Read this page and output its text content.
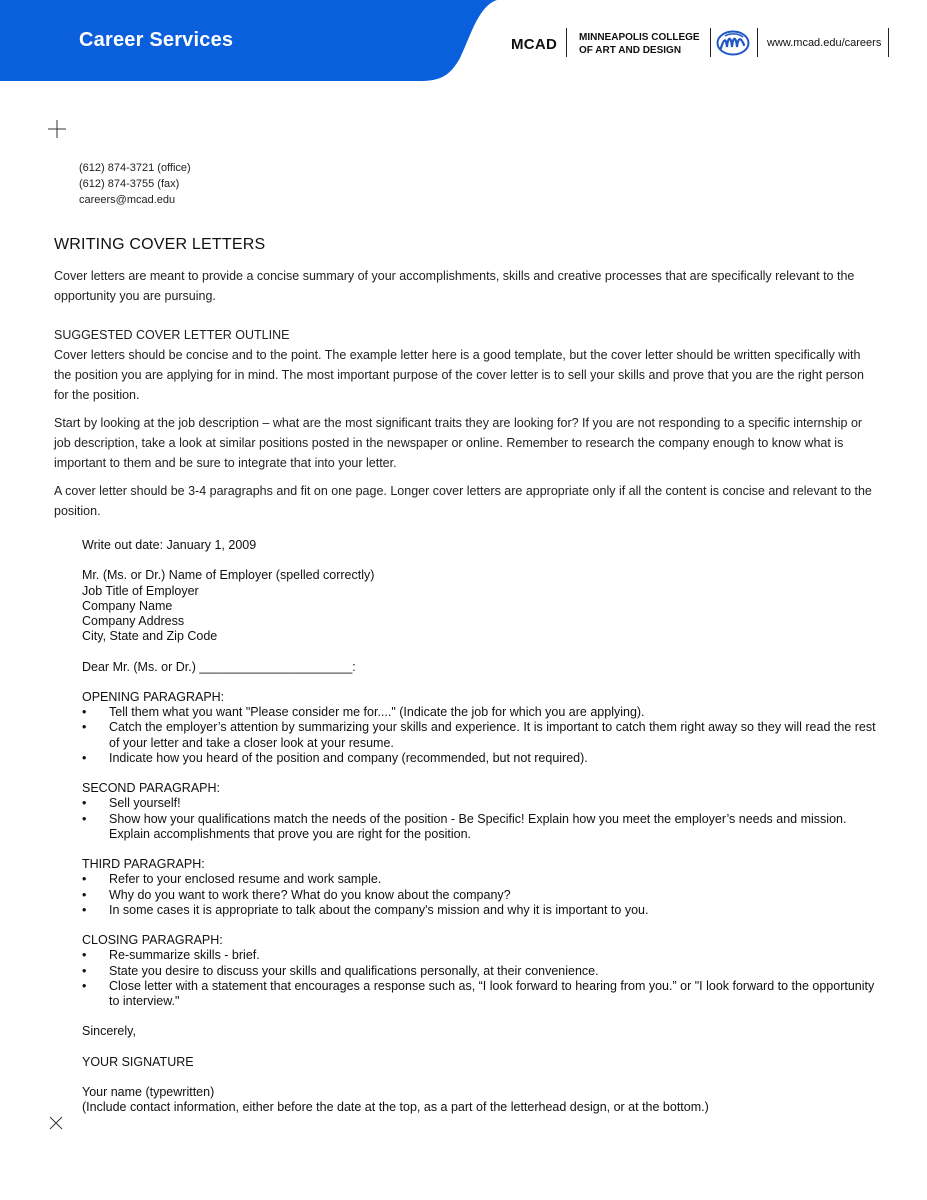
Career Services	MCAD MINNEAPOLIS COLLEGE
OF ART AND DESIGN
www.mcad.edu/careers
(612) 874-3721 (office)
(612) 874-3755 (fax)
careers@mcad.edu
WRITING COVER LETTERS

Cover letters are meant to provide a concise summary of your accomplishments, skills and creative processes that are specifically relevant to the opportunity you are pursuing.

SUGGESTED COVER LETTER OUTLINE
Cover letters should be concise and to the point. The example letter here is a good template, but the cover letter should be written specifically with the position you are applying for in mind. The most important purpose of the cover letter is to sell your skills and prove that you are the right person for the position.

Start by looking at the job description – what are the most significant traits they are looking for? If you are not responding to a specific internship or job description, take a look at similar positions posted in the newspaper or online. Remember to research the company enough to know what is important to them and be sure to integrate that into your letter.

A cover letter should be 3-4 paragraphs and fit on one page. Longer cover letters are appropriate only if all the content is concise and relevant to the position.

Write out date: January 1, 2009

Mr. (Ms. or Dr.) Name of Employer (spelled correctly)

Job Title of Employer

Company Name

Company Address

City, State and Zip Code

Dear Mr. (Ms. or Dr.) ______________________:

OPENING PARAGRAPH:

• Tell them what you want "Please consider me for...." (Indicate the job for which you are applying).
• Catch the employer’s attention by summarizing your skills and experience. It is important to catch them right away so they will read the rest of your letter and take a closer look at your resume.
• Indicate how you heard of the position and company (recommended, but not required).

SECOND PARAGRAPH:

• Sell yourself!
• Show how your qualifications match the needs of the position - Be Specific! Explain how you meet the employer’s needs and mission. Explain accomplishments that prove you are right for the position.

THIRD PARAGRAPH:

• Refer to your enclosed resume and work sample.
• Why do you want to work there? What do you know about the company?
• In some cases it is appropriate to talk about the company's mission and why it is important to you.

CLOSING PARAGRAPH:

• Re-summarize skills - brief.
• State you desire to discuss your skills and qualifications personally, at their convenience.
• Close letter with a statement that encourages a response such as, “I look forward to hearing from you.” or "I look forward to the opportunity to interview."

Sincerely,

YOUR SIGNATURE

Your name (typewritten)

(Include contact information, either before the date at the top, as a part of the letterhead design, or at the bottom.)
